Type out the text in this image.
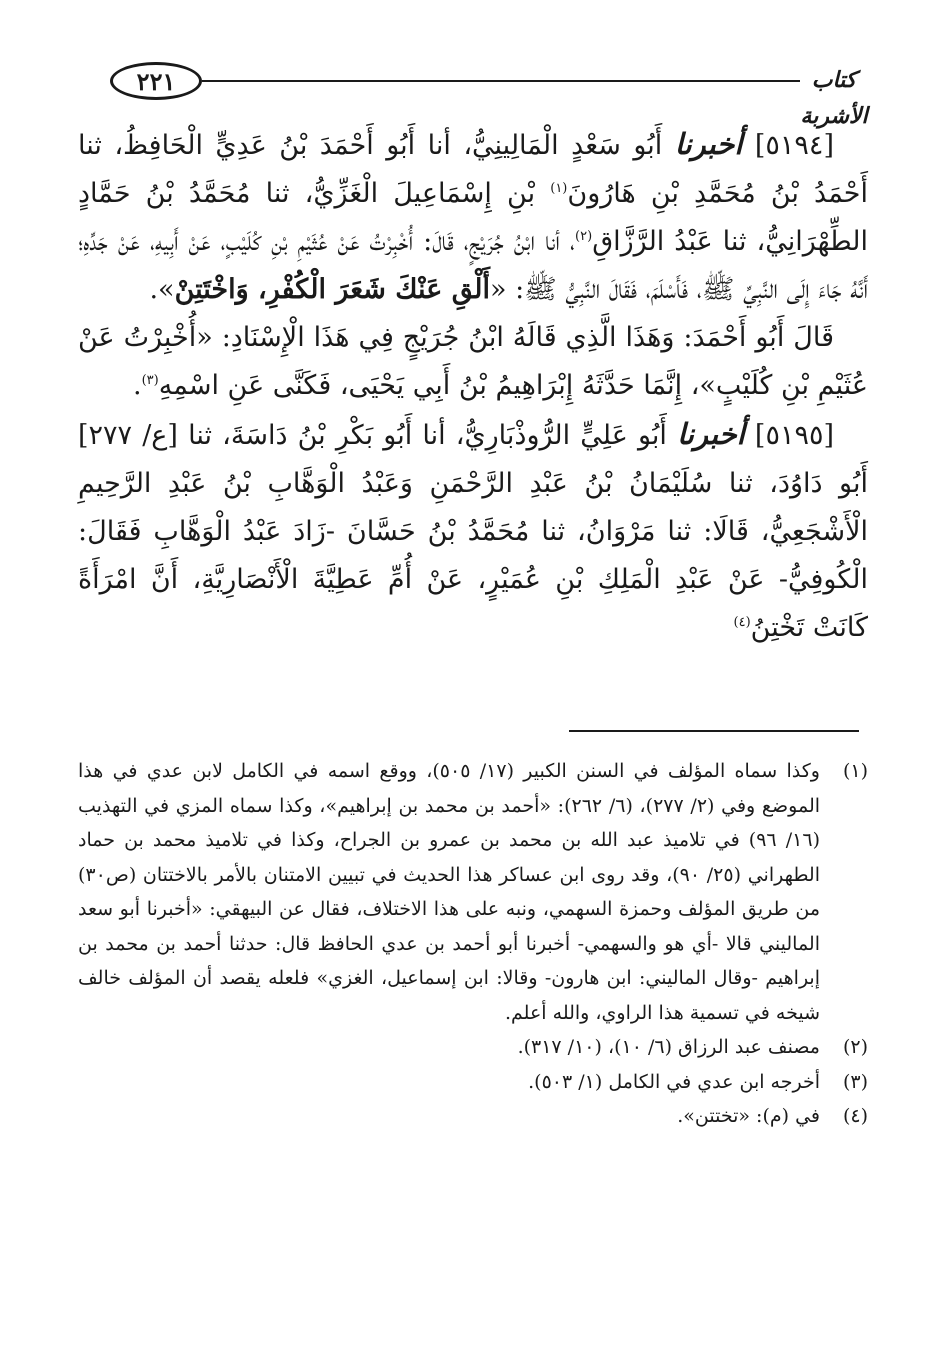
٢٢١	كتاب الأشربة

[٥١٩٤] أخبرنا أَبُو سَعْدٍ الْمَالِينِيُّ، أنا أَبُو أَحْمَدَ بْنُ عَدِيٍّ الْحَافِظُ، ثنا أَحْمَدُ بْنُ مُحَمَّدِ بْنِ هَارُونَ$^{(١)}$ بْنِ إِسْمَاعِيلَ الْغَزِّيُّ، ثنا مُحَمَّدُ بْنُ حَمَّادٍ الطِّهْرَانِيُّ، ثنا عَبْدُ الرَّزَّاقِ$^{(٢)}$، أنا ابْنُ جُرَيْجٍ، قَالَ: أُخْبِرْتُ عَنْ عُثَيْمِ بْنِ كُلَيْبٍ، عَنْ أَبِيهِ، عَنْ جَدِّهِ؛ أَنَّهُ جَاءَ إِلَى النَّبِيِّ ﷺ، فَأَسْلَمَ، فَقَالَ النَّبِيُّ ﷺ: «أَلْقِ عَنْكَ شَعَرَ الْكُفْرِ، وَاخْتَتِنْ».

قَالَ أَبُو أَحْمَدَ: وَهَذَا الَّذِي قَالَهُ ابْنُ جُرَيْجٍ فِي هَذَا الْإِسْنَادِ: «أُخْبِرْتُ عَنْ عُثَيْمِ بْنِ كُلَيْبٍ»، إِنَّمَا حَدَّثَهُ إِبْرَاهِيمُ بْنُ أَبِي يَحْيَى، فَكَنَّى عَنِ اسْمِهِ$^{(٣)}$.

[٥١٩٥] أخبرنا أَبُو عَلِيٍّ الرُّوذْبَارِيُّ، أنا أَبُو بَكْرِ بْنُ دَاسَةَ، ثنا [ع/ ٢٧٧] أَبُو دَاوُدَ، ثنا سُلَيْمَانُ بْنُ عَبْدِ الرَّحْمَنِ وَعَبْدُ الْوَهَّابِ بْنُ عَبْدِ الرَّحِيمِ الْأَشْجَعِيُّ، قَالَا: ثنا مَرْوَانُ، ثنا مُحَمَّدُ بْنُ حَسَّانَ -زَادَ عَبْدُ الْوَهَّابِ فَقَالَ: الْكُوفِيُّ- عَنْ عَبْدِ الْمَلِكِ بْنِ عُمَيْرٍ، عَنْ أُمِّ عَطِيَّةَ الْأَنْصَارِيَّةِ، أَنَّ امْرَأَةً كَانَتْ تَخْتِنُ$^{(٤)}$

(١)
وكذا سماه المؤلف في السنن الكبير (١٧/ ٥٠٥)، ووقع اسمه في الكامل لابن عدي في هذا الموضع وفي (٢/ ٢٧٧)، (٦/ ٢٦٢): «أحمد بن محمد بن إبراهيم»، وكذا سماه المزي في التهذيب (١٦/ ٩٦) في تلاميذ عبد الله بن محمد بن عمرو بن الجراح، وكذا في تلاميذ محمد بن حماد الطهراني (٢٥/ ٩٠)، وقد روى ابن عساكر هذا الحديث في تبيين الامتنان بالأمر بالاختتان (ص٣٠) من طريق المؤلف وحمزة السهمي، ونبه على هذا الاختلاف، فقال عن البيهقي: «أخبرنا أبو سعد الماليني قالا -أي هو والسهمي- أخبرنا أبو أحمد بن عدي الحافظ قال: حدثنا أحمد بن محمد بن إبراهيم -وقال الماليني: ابن هارون- وقالا: ابن إسماعيل، الغزي» فلعله يقصد أن المؤلف خالف شيخه في تسمية هذا الراوي، والله أعلم.

(٢)
مصنف عبد الرزاق (٦/ ١٠)، (١٠/ ٣١٧).

(٣)
أخرجه ابن عدي في الكامل (١/ ٥٠٣).

(٤)
في (م): «تختتن».
